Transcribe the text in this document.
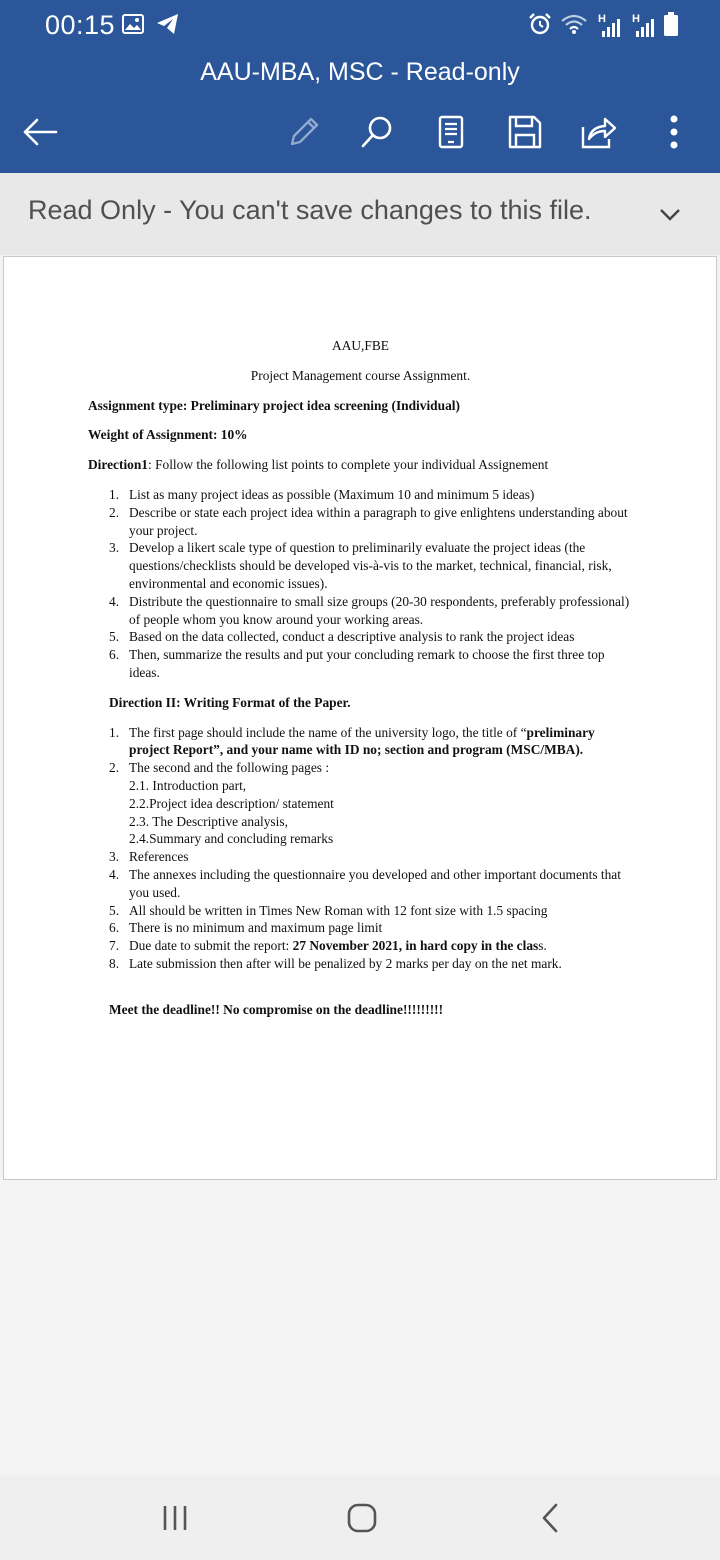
00:15	H H
AAU-MBA, MSC - Read-only
Read Only - You can't save changes to this file.
AAU,FBE
Project Management course Assignment.
Assignment type: Preliminary project idea screening (Individual)
Weight of Assignment: 10%
Direction1: Follow the following list points to complete your individual Assignement
1. List as many project ideas as possible (Maximum 10 and minimum 5 ideas)
2. Describe or state each project idea within a paragraph to give enlightens understanding about your project.
3. Develop a likert scale type of question to preliminarily evaluate the project ideas (the questions/checklists should be developed vis-à-vis to the market, technical, financial, risk, environmental and economic issues).
4. Distribute the questionnaire to small size groups (20-30 respondents, preferably professional) of people whom you know around your working areas.
5. Based on the data collected, conduct a descriptive analysis to rank the project ideas
6. Then, summarize the results and put your concluding remark to choose the first three top ideas.
Direction II: Writing Format of the Paper.
1. The first page should include the name of the university logo, the title of “preliminary project Report”, and your name with ID no; section and program (MSC/MBA).
2. The second and the following pages :
2.1. Introduction part,
2.2.Project idea description/ statement
2.3. The Descriptive analysis,
2.4.Summary and concluding remarks
3. References
4. The annexes including the questionnaire you developed and other important documents that you used.
5. All should be written in Times New Roman with 12 font size with 1.5 spacing
6. There is no minimum and maximum page limit
7. Due date to submit the report: 27 November 2021, in hard copy in the class.
8. Late submission then after will be penalized by 2 marks per day on the net mark.
Meet the deadline!! No compromise on the deadline!!!!!!!!!
